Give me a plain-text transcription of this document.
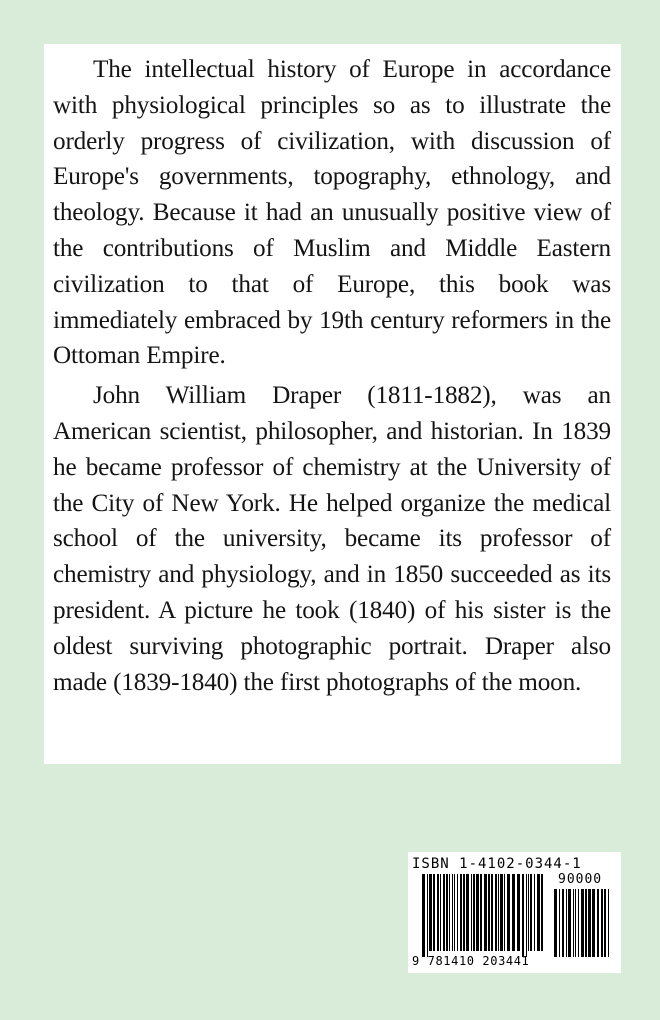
The intellectual history of Europe in accordance with physiological principles so as to illustrate the orderly progress of civilization, with discussion of Europe's governments, topography, ethnology, and theology. Because it had an unusually positive view of the contributions of Muslim and Middle Eastern civilization to that of Europe, this book was immediately embraced by 19th century reformers in the Ottoman Empire.

John William Draper (1811-1882), was an American scientist, philosopher, and historian. In 1839 he became professor of chemistry at the University of the City of New York. He helped organize the medical school of the university, became its professor of chemistry and physiology, and in 1850 succeeded as its president. A picture he took (1840) of his sister is the oldest surviving photographic portrait. Draper also made (1839-1840) the first photographs of the moon.

ISBN 1-4102-0344-1
90000
9 781410 203441
